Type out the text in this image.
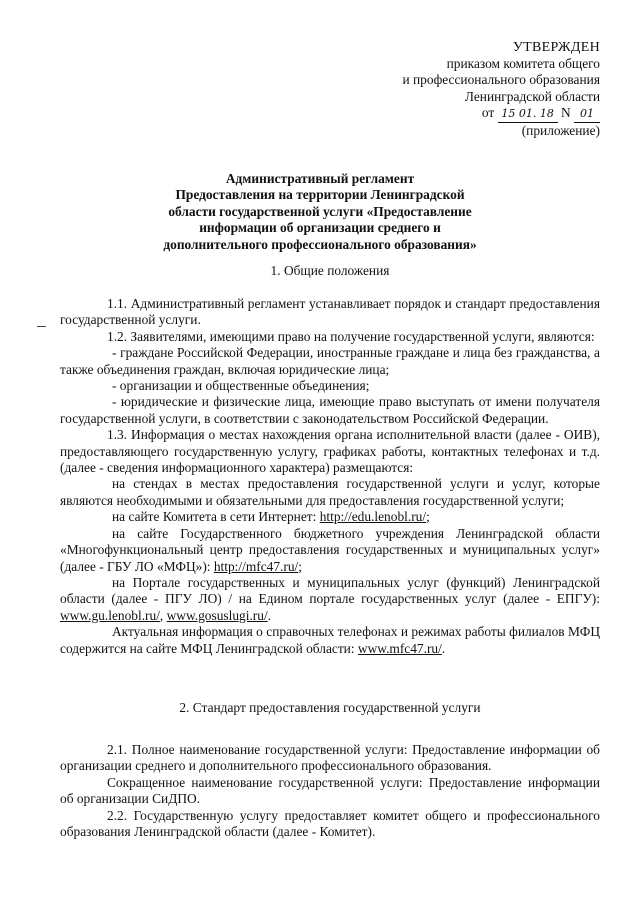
УТВЕРЖДЕН
приказом комитета общего
и профессионального образования
Ленинградской области
от 15 01. 18 N 01
(приложение)
Административный регламент
Предоставления на территории Ленинградской
области государственной услуги «Предоставление
информации об организации среднего и
дополнительного профессионального образования»
1. Общие положения

1.1. Административный регламент устанавливает порядок и стандарт предоставления государственной услуги.

1.2. Заявителями, имеющими право на получение государственной услуги, являются:

- граждане Российской Федерации, иностранные граждане и лица без гражданства, а также объединения граждан, включая юридические лица;

- организации и общественные объединения;

- юридические и физические лица, имеющие право выступать от имени получателя государственной услуги, в соответствии с законодательством Российской Федерации.

1.3. Информация о местах нахождения органа исполнительной власти (далее - ОИВ), предоставляющего государственную услугу, графиках работы, контактных телефонах и т.д. (далее - сведения информационного характера) размещаются:

на стендах в местах предоставления государственной услуги и услуг, которые являются необходимыми и обязательными для предоставления государственной услуги;

на сайте Комитета в сети Интернет: http://edu.lenobl.ru/;

на сайте Государственного бюджетного учреждения Ленинградской области «Многофункциональный центр предоставления государственных и муниципальных услуг» (далее - ГБУ ЛО «МФЦ»): http://mfc47.ru/;

на Портале государственных и муниципальных услуг (функций) Ленинградской области (далее - ПГУ ЛО) / на Едином портале государственных услуг (далее - ЕПГУ): www.gu.lenobl.ru/, www.gosuslugi.ru/.

Актуальная информация о справочных телефонах и режимах работы филиалов МФЦ содержится на сайте МФЦ Ленинградской области: www.mfc47.ru/.

2. Стандарт предоставления государственной услуги

2.1. Полное наименование государственной услуги: Предоставление информации об организации среднего и дополнительного профессионального образования.

Сокращенное наименование государственной услуги: Предоставление информации об организации СиДПО.

2.2. Государственную услугу предоставляет комитет общего и профессионального образования Ленинградской области (далее - Комитет).
